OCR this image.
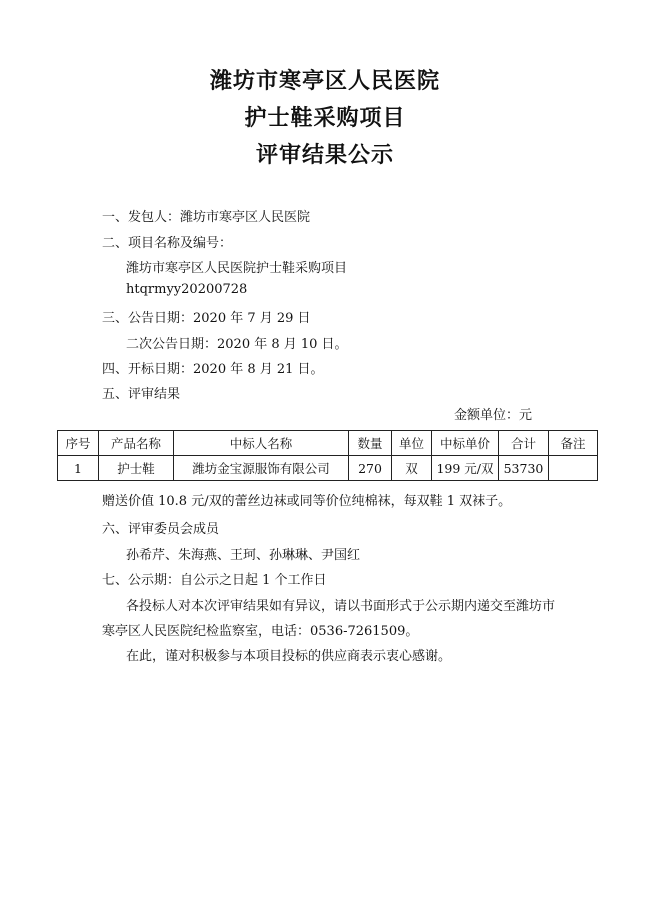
潍坊市寒亭区人民医院
护士鞋采购项目
评审结果公示
一、发包人：潍坊市寒亭区人民医院
二、项目名称及编号：
潍坊市寒亭区人民医院护士鞋采购项目
htqrmyy20200728
三、公告日期：2020 年 7 月 29 日
二次公告日期：2020 年 8 月 10 日。
四、开标日期：2020 年 8 月 21 日。
五、评审结果
金额单位：元
序号	产品名称	中标人名称	数量	单位	中标单价	合计	备注
1	护士鞋	潍坊金宝源服饰有限公司	270	双	199 元/双	53730	
赠送价值 10.8 元/双的蕾丝边袜或同等价位纯棉袜，每双鞋 1 双袜子。
六、评审委员会成员
孙希芹、朱海燕、王珂、孙琳琳、尹国红
七、公示期：自公示之日起 1 个工作日
各投标人对本次评审结果如有异议，请以书面形式于公示期内递交至潍坊市
寒亭区人民医院纪检监察室，电话：0536-7261509。
在此，谨对积极参与本项目投标的供应商表示衷心感谢。
